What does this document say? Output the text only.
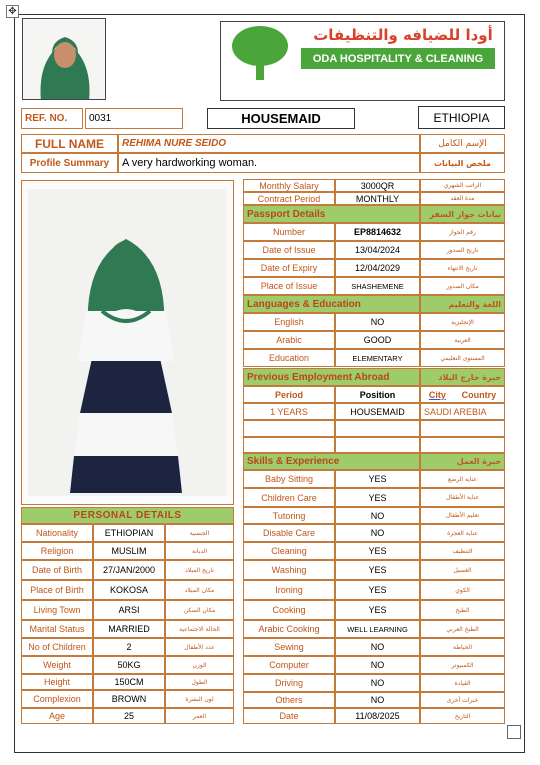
✥
أودا للضيافه والتنظيفات
ODA HOSPITALITY & CLEANING
REF. NO.	0031	HOUSEMAID	ETHIOPIA
FULL NAME	REHIMA NURE SEIDO	الإسم الكامل
Profile Summary	A very hardworking woman.	ملخص البيانات
Monthly Salary	3000QR	الراتب الشهري
Contract Period	MONTHLY	مدة العقد
Passport Details	بيانات جواز السفر
Number	EP8814632	رقم الجواز
Date of Issue	13/04/2024	تاريخ الصدور
Date of Expiry	12/04/2029	تاريخ الانتهاء
Place of Issue	SHASHEMENE	مكان الصدور
Languages & Education	اللغة والتعليم
English	NO	الإنجليزية
Arabic	GOOD	العربية
Education	ELEMENTARY	المستوى التعليمي
Previous Employment Abroad	خبرة خارج البلاد
Period	Position	City Country
1 YEARS	HOUSEMAID	SAUDI AREBIA
Skills & Experience	خبرة العمل
Baby Sitting	YES	عناية الرضع
Children Care	YES	عناية الأطفال
Tutoring	NO	تعليم الأطفال
Disable Care	NO	عناية العجزة
Cleaning	YES	التنظيف
Washing	YES	الغسيل
Ironing	YES	الكوي
Cooking	YES	الطبخ
Arabic Cooking	WELL LEARNING	الطبخ العربي
Sewing	NO	الخياطة
Computer	NO	الكمبيوتر
Driving	NO	القيادة
Others	NO	خبرات أخرى
Date	11/08/2025	التاريخ
PERSONAL DETAILS
Nationality	ETHIOPIAN	الجنسية
Religion	MUSLIM	الديانة
Date of Birth	27/JAN/2000	تاريخ الميلاد
Place of Birth	KOKOSA	مكان الميلاد
Living Town	ARSI	مكان السكن
Marital Status	MARRIED	الحالة الاجتماعية
No of Children	2	عدد الأطفال
Weight	50KG	الوزن
Height	150CM	الطول
Complexion	BROWN	لون البشرة
Age	25	العمر
